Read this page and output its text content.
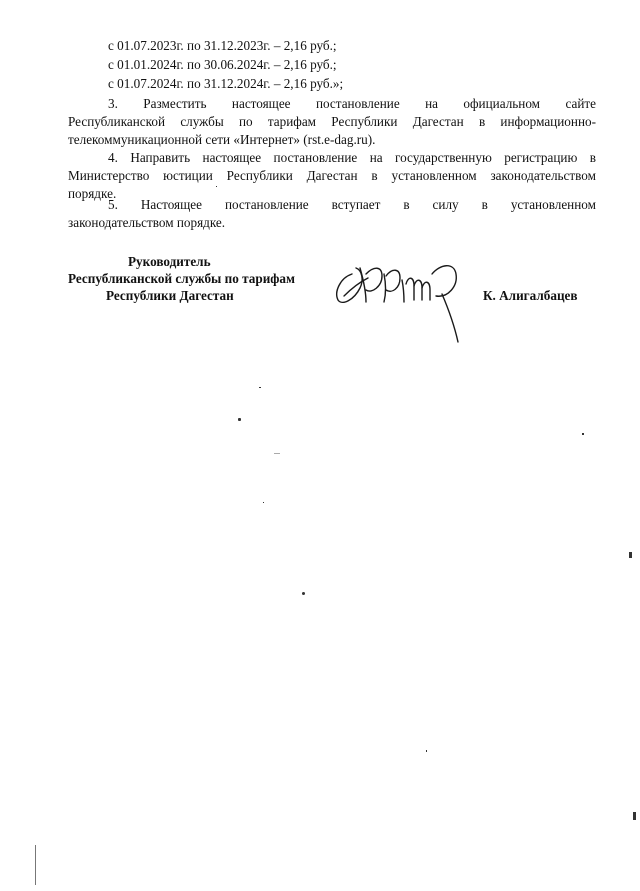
с 01.07.2023г. по 31.12.2023г. – 2,16 руб.;
с 01.01.2024г. по 30.06.2024г. – 2,16 руб.;
с 01.07.2024г. по 31.12.2024г. – 2,16 руб.»;
3.   Разместить   настоящее   постановление   на   официальном   сайте
Республиканской службы по тарифам Республики Дагестан в информационно-
телекоммуникационной сети «Интернет» (rst.e-dag.ru).
4. Направить настоящее постановление на государственную регистрацию в
Министерство юстиции Республики Дагестан в установленном законодательством
порядке.
5.   Настоящее   постановление   вступает   в   силу   в   установленном
законодательством порядке.
Руководитель
Республиканской службы по тарифам
Республики Дагестан	К. Алигалбацев
